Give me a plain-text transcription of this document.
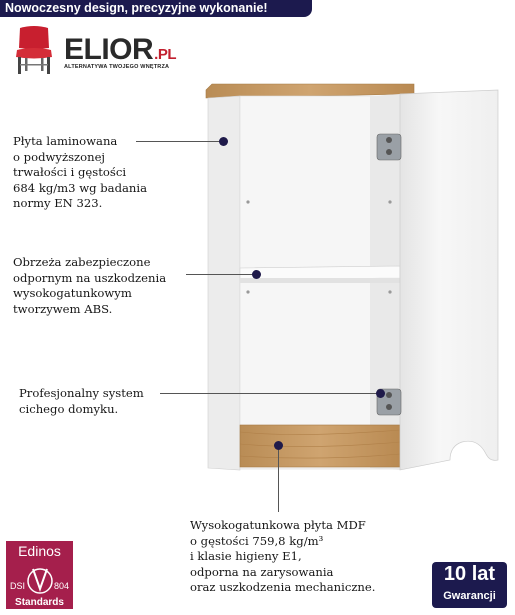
Nowoczesny design, precyzyjne wykonanie!
ELIOR.PL
ALTERNATYWA TWOJEGO WNĘTRZA
Płyta laminowana
o podwyższonej
trwałości i gęstości
684 kg/m3 wg badania
normy EN 323.
Obrzeża zabezpieczone
odpornym na uszkodzenia
wysokogatunkowym
tworzywem ABS.
Profesjonalny system
cichego domyku.
Wysokogatunkowa płyta MDF
o gęstości 759,8 kg/m³
i klasie higieny E1,
odporna na zarysowania
oraz uszkodzenia mechaniczne.
Edinos
DSI	804
Standards
10 lat
Gwarancji
